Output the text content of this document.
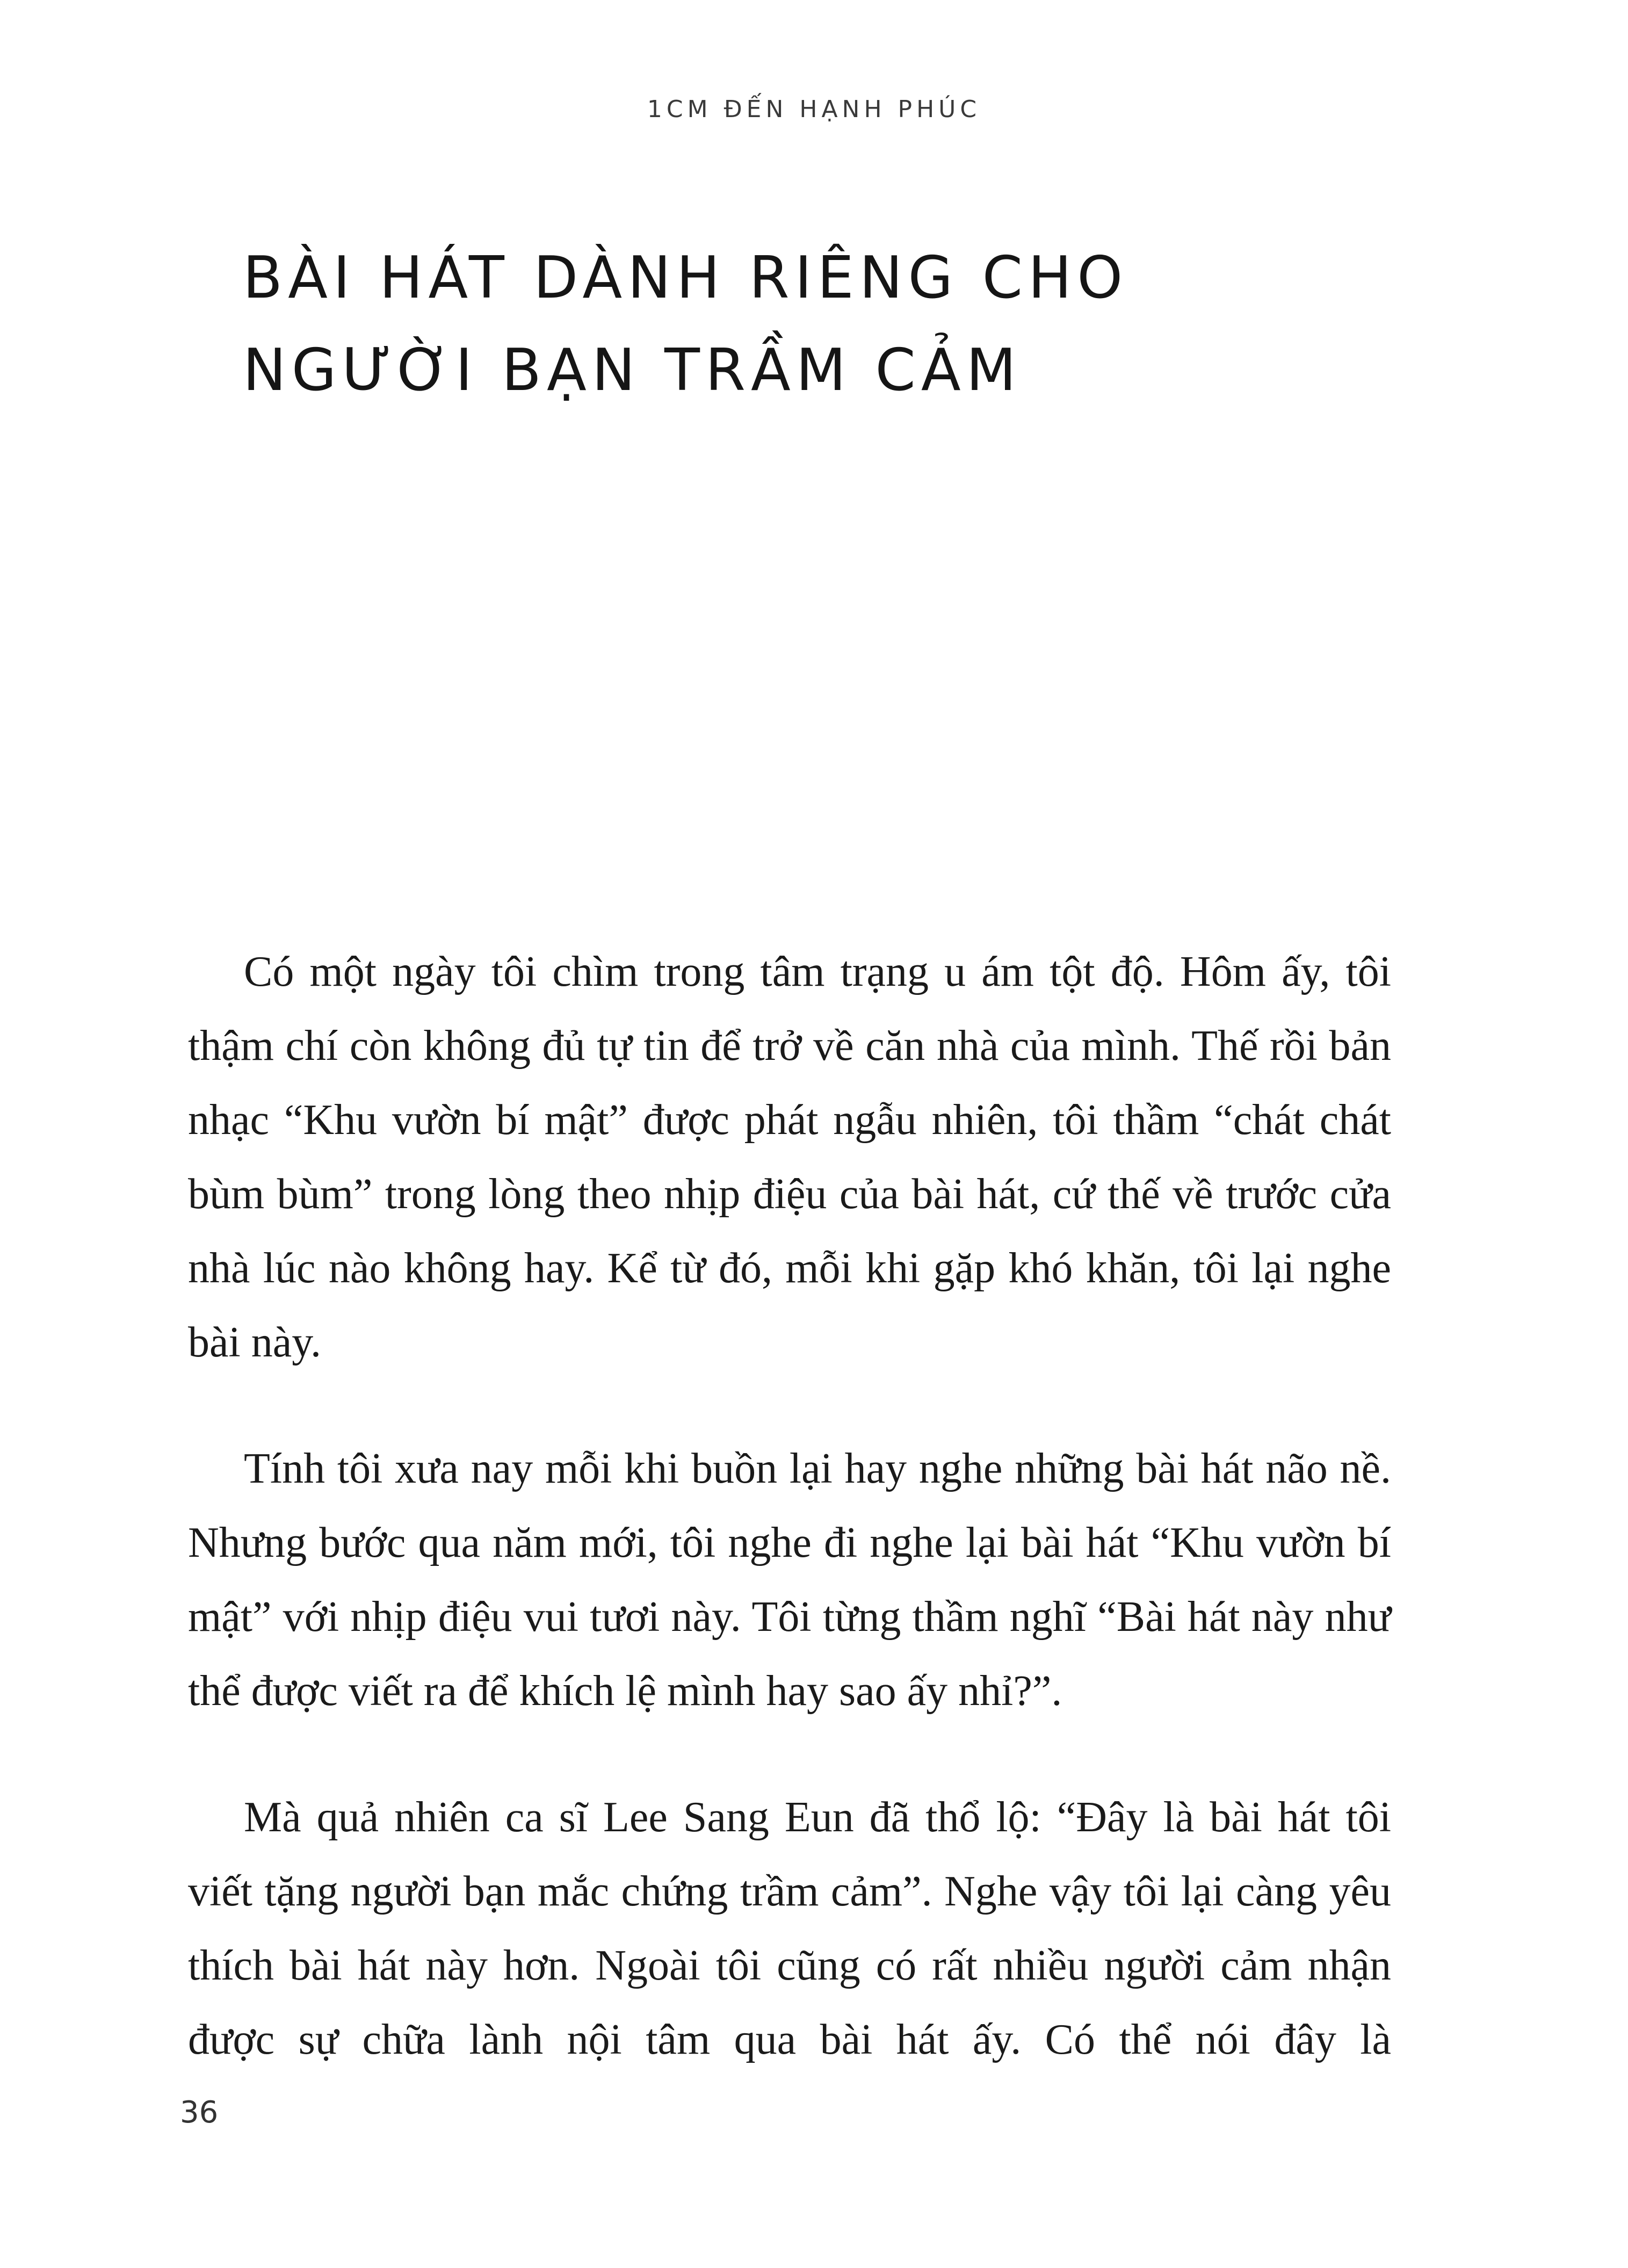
1CM ĐẾN HẠNH PHÚC
BÀI HÁT DÀNH RIÊNG CHO
NGƯỜI BẠN TRẦM CẢM

Có một ngày tôi chìm trong tâm trạng u ám tột độ. Hôm ấy, tôi thậm chí còn không đủ tự tin để trở về căn nhà của mình. Thế rồi bản nhạc “Khu vườn bí mật” được phát ngẫu nhiên, tôi thầm “chát chát bùm bùm” trong lòng theo nhịp điệu của bài hát, cứ thế về trước cửa nhà lúc nào không hay. Kể từ đó, mỗi khi gặp khó khăn, tôi lại nghe bài này.

Tính tôi xưa nay mỗi khi buồn lại hay nghe những bài hát não nề. Nhưng bước qua năm mới, tôi nghe đi nghe lại bài hát “Khu vườn bí mật” với nhịp điệu vui tươi này. Tôi từng thầm nghĩ “Bài hát này như thể được viết ra để khích lệ mình hay sao ấy nhỉ?”.

Mà quả nhiên ca sĩ Lee Sang Eun đã thổ lộ: “Đây là bài hát tôi viết tặng người bạn mắc chứng trầm cảm”. Nghe vậy tôi lại càng yêu thích bài hát này hơn. Ngoài tôi cũng có rất nhiều người cảm nhận được sự chữa lành nội tâm qua bài hát ấy. Có thể nói đây là

36
